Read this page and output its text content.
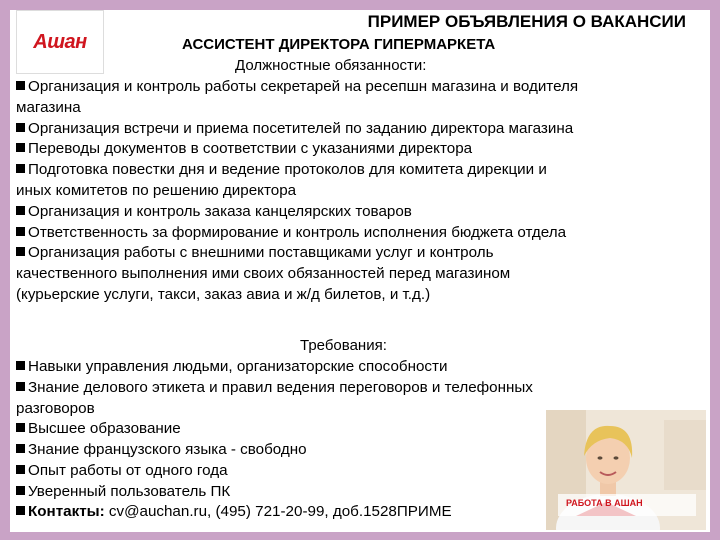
Ашан
ПРИМЕР ОБЪЯВЛЕНИЯ О ВАКАНСИИ
АССИСТЕНТ ДИРЕКТОРА ГИПЕРМАРКЕТА
Должностные обязанности:
Организация и контроль работы секретарей на ресепшн магазина и водителя
магазина
Организация встречи и приема посетителей по заданию директора магазина
Переводы документов в соответствии с указаниями директора
Подготовка повестки дня и ведение протоколов для комитета дирекции и
иных комитетов по решению директора
Организация и контроль заказа канцелярских товаров
Ответственность за формирование и контроль исполнения бюджета отдела
Организация работы с внешними поставщиками услуг и контроль
качественного выполнения ими своих обязанностей перед магазином
(курьерские услуги, такси, заказ авиа и ж/д билетов, и т.д.)
Требования:
Навыки управления людьми, организаторские способности
Знание делового этикета и правил ведения переговоров и телефонных
разговоров
Высшее образование
Знание французского языка - свободно
Опыт работы от одного года
Уверенный пользователь ПК
Контакты: cv@auchan.ru, (495) 721-20-99, доб.1528ПРИМЕ	РАБОТА В АШАН
